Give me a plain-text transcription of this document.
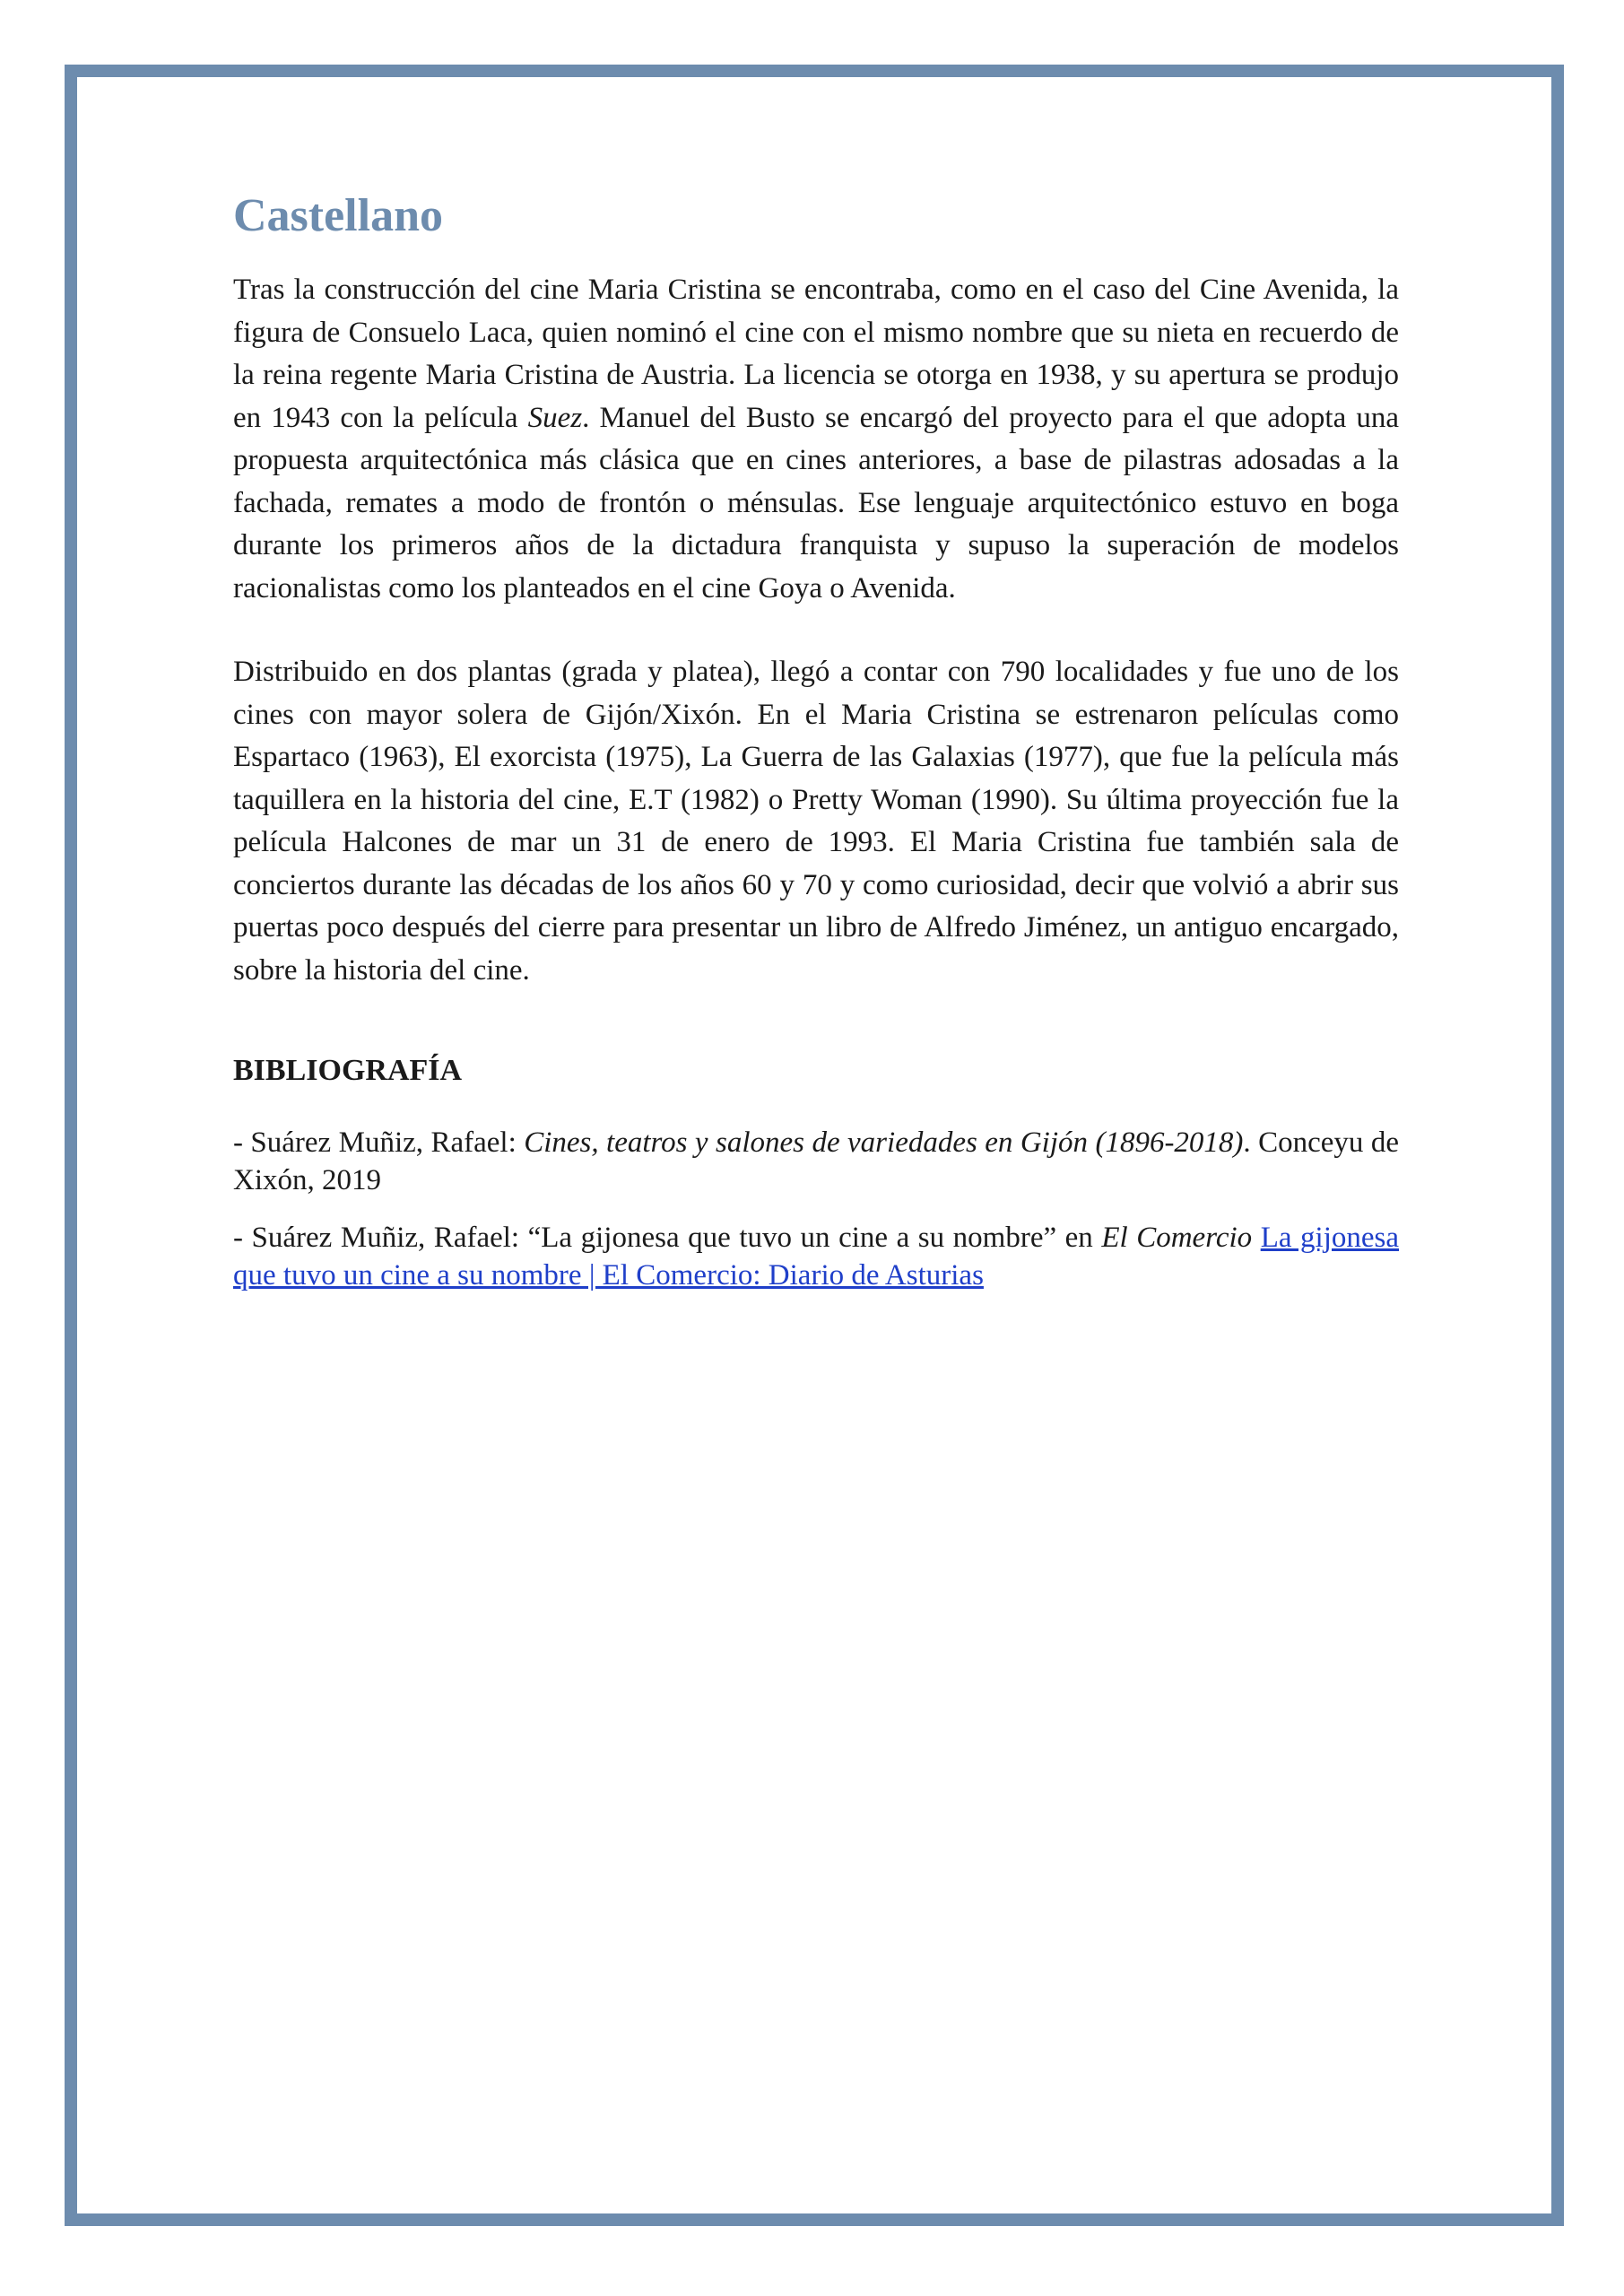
Castellano

Tras la construcción del cine Maria Cristina se encontraba, como en el caso del Cine Avenida, la figura de Consuelo Laca, quien nominó el cine con el mismo nombre que su nieta en recuerdo de la reina regente Maria Cristina de Austria. La licencia se otorga en 1938, y su apertura se produjo en 1943 con la película Suez. Manuel del Busto se encargó del proyecto para el que adopta una propuesta arquitectónica más clásica que en cines anteriores, a base de pilastras adosadas a la fachada, remates a modo de frontón o ménsulas. Ese lenguaje arquitectónico estuvo en boga durante los primeros años de la dictadura franquista y supuso la superación de modelos racionalistas como los planteados en el cine Goya o Avenida.

Distribuido en dos plantas (grada y platea), llegó a contar con 790 localidades y fue uno de los cines con mayor solera de Gijón/Xixón. En el Maria Cristina se estrenaron películas como Espartaco (1963), El exorcista (1975), La Guerra de las Galaxias (1977), que fue la película más taquillera en la historia del cine, E.T (1982) o Pretty Woman (1990). Su última proyección fue la película Halcones de mar un 31 de enero de 1993. El Maria Cristina fue también sala de conciertos durante las décadas de los años 60 y 70 y como curiosidad, decir que volvió a abrir sus puertas poco después del cierre para presentar un libro de Alfredo Jiménez, un antiguo encargado, sobre la historia del cine.

BIBLIOGRAFÍA

- Suárez Muñiz, Rafael: Cines, teatros y salones de variedades en Gijón (1896-2018). Conceyu de Xixón, 2019

- Suárez Muñiz, Rafael: “La gijonesa que tuvo un cine a su nombre” en El Comercio La gijonesa que tuvo un cine a su nombre | El Comercio: Diario de Asturias
